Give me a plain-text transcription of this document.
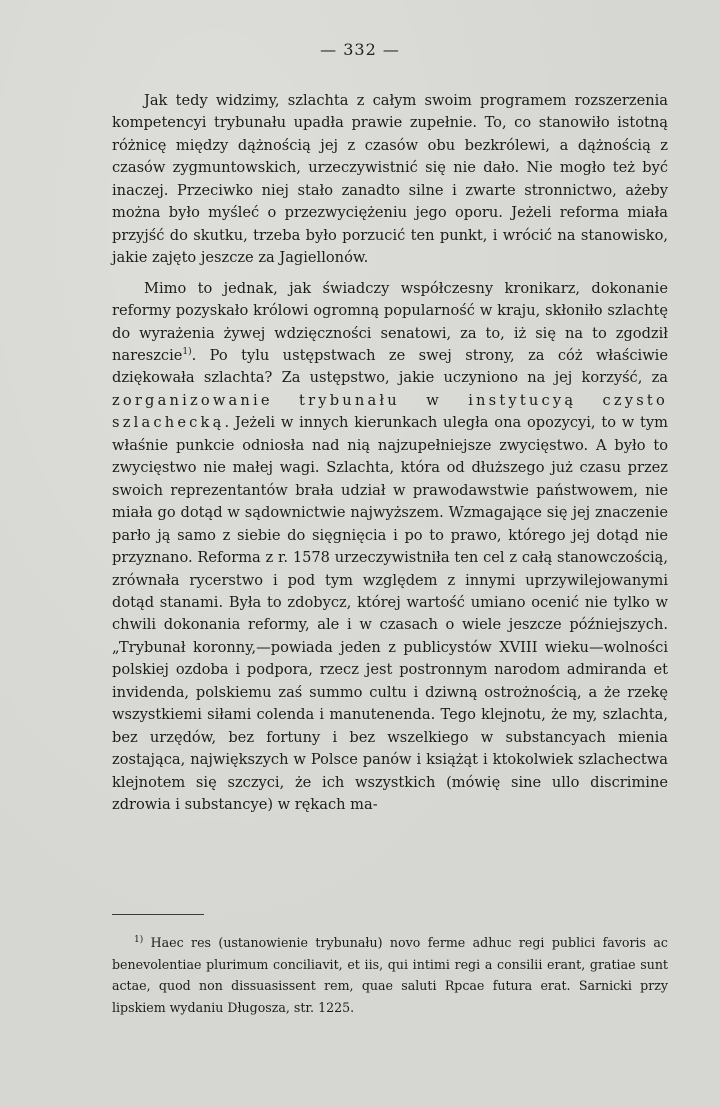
— 332 —

Jak tedy widzimy, szlachta z całym swoim programem rozszerzenia kompetencyi trybunału upadła prawie zupełnie. To, co stanowiło istotną różnicę między dążnością jej z czasów obu bezkrólewi, a dążnością z czasów zygmuntowskich, urzeczywistnić się nie dało. Nie mogło też być inaczej. Przeciwko niej stało zanadto silne i zwarte stronnictwo, ażeby można było myśleć o przezwyciężeniu jego oporu. Jeżeli reforma miała przyjść do skutku, trzeba było porzucić ten punkt, i wrócić na stanowisko, jakie zajęto jeszcze za Jagiellonów.

Mimo to jednak, jak świadczy współczesny kronikarz, dokonanie reformy pozyskało królowi ogromną popularność w kraju, skłoniło szlachtę do wyrażenia żywej wdzięczności senatowi, za to, iż się na to zgodził nareszcie$^{1)}$. Po tylu ustępstwach ze swej strony, za cóż właściwie dziękowała szlachta? Za ustępstwo, jakie uczyniono na jej korzyść, za zorganizowanie trybunału w instytucyą czysto szlachecką. Jeżeli w innych kierunkach uległa ona opozycyi, to w tym właśnie punkcie odniosła nad nią najzupełniejsze zwycięstwo. A było to zwycięstwo nie małej wagi. Szlachta, która od dłuższego już czasu przez swoich reprezentantów brała udział w prawodawstwie państwowem, nie miała go dotąd w sądownictwie najwyższem. Wzmagające się jej znaczenie parło ją samo z siebie do sięgnięcia i po to prawo, którego jej dotąd nie przyznano. Reforma z r. 1578 urzeczywistniła ten cel z całą stanowczością, zrównała rycerstwo i pod tym względem z innymi uprzywilejowanymi dotąd stanami. Była to zdobycz, której wartość umiano ocenić nie tylko w chwili dokonania reformy, ale i w czasach o wiele jeszcze późniejszych. „Trybunał koronny,—powiada jeden z publicystów XVIII wieku—wolności polskiej ozdoba i podpora, rzecz jest postronnym narodom admiranda et invidenda, polskiemu zaś summo cultu i dziwną ostrożnością, a że rzekę wszystkiemi siłami colenda i manutenenda. Tego klejnotu, że my, szlachta, bez urzędów, bez fortuny i bez wszelkiego w substancyach mienia zostająca, największych w Polsce panów i książąt i ktokolwiek szlachectwa klejnotem się szczyci, że ich wszystkich (mówię sine ullo discrimine zdrowia i substancye) w rękach ma-

$^{1)}$ Haec res (ustanowienie trybunału) novo ferme adhuc regi publici favoris ac benevolentiae plurimum conciliavit, et iis, qui intimi regi a consilii erant, gratiae sunt actae, quod non dissuasissent rem, quae saluti Rpcae futura erat. Sarnicki przy lipskiem wydaniu Długosza, str. 1225.
